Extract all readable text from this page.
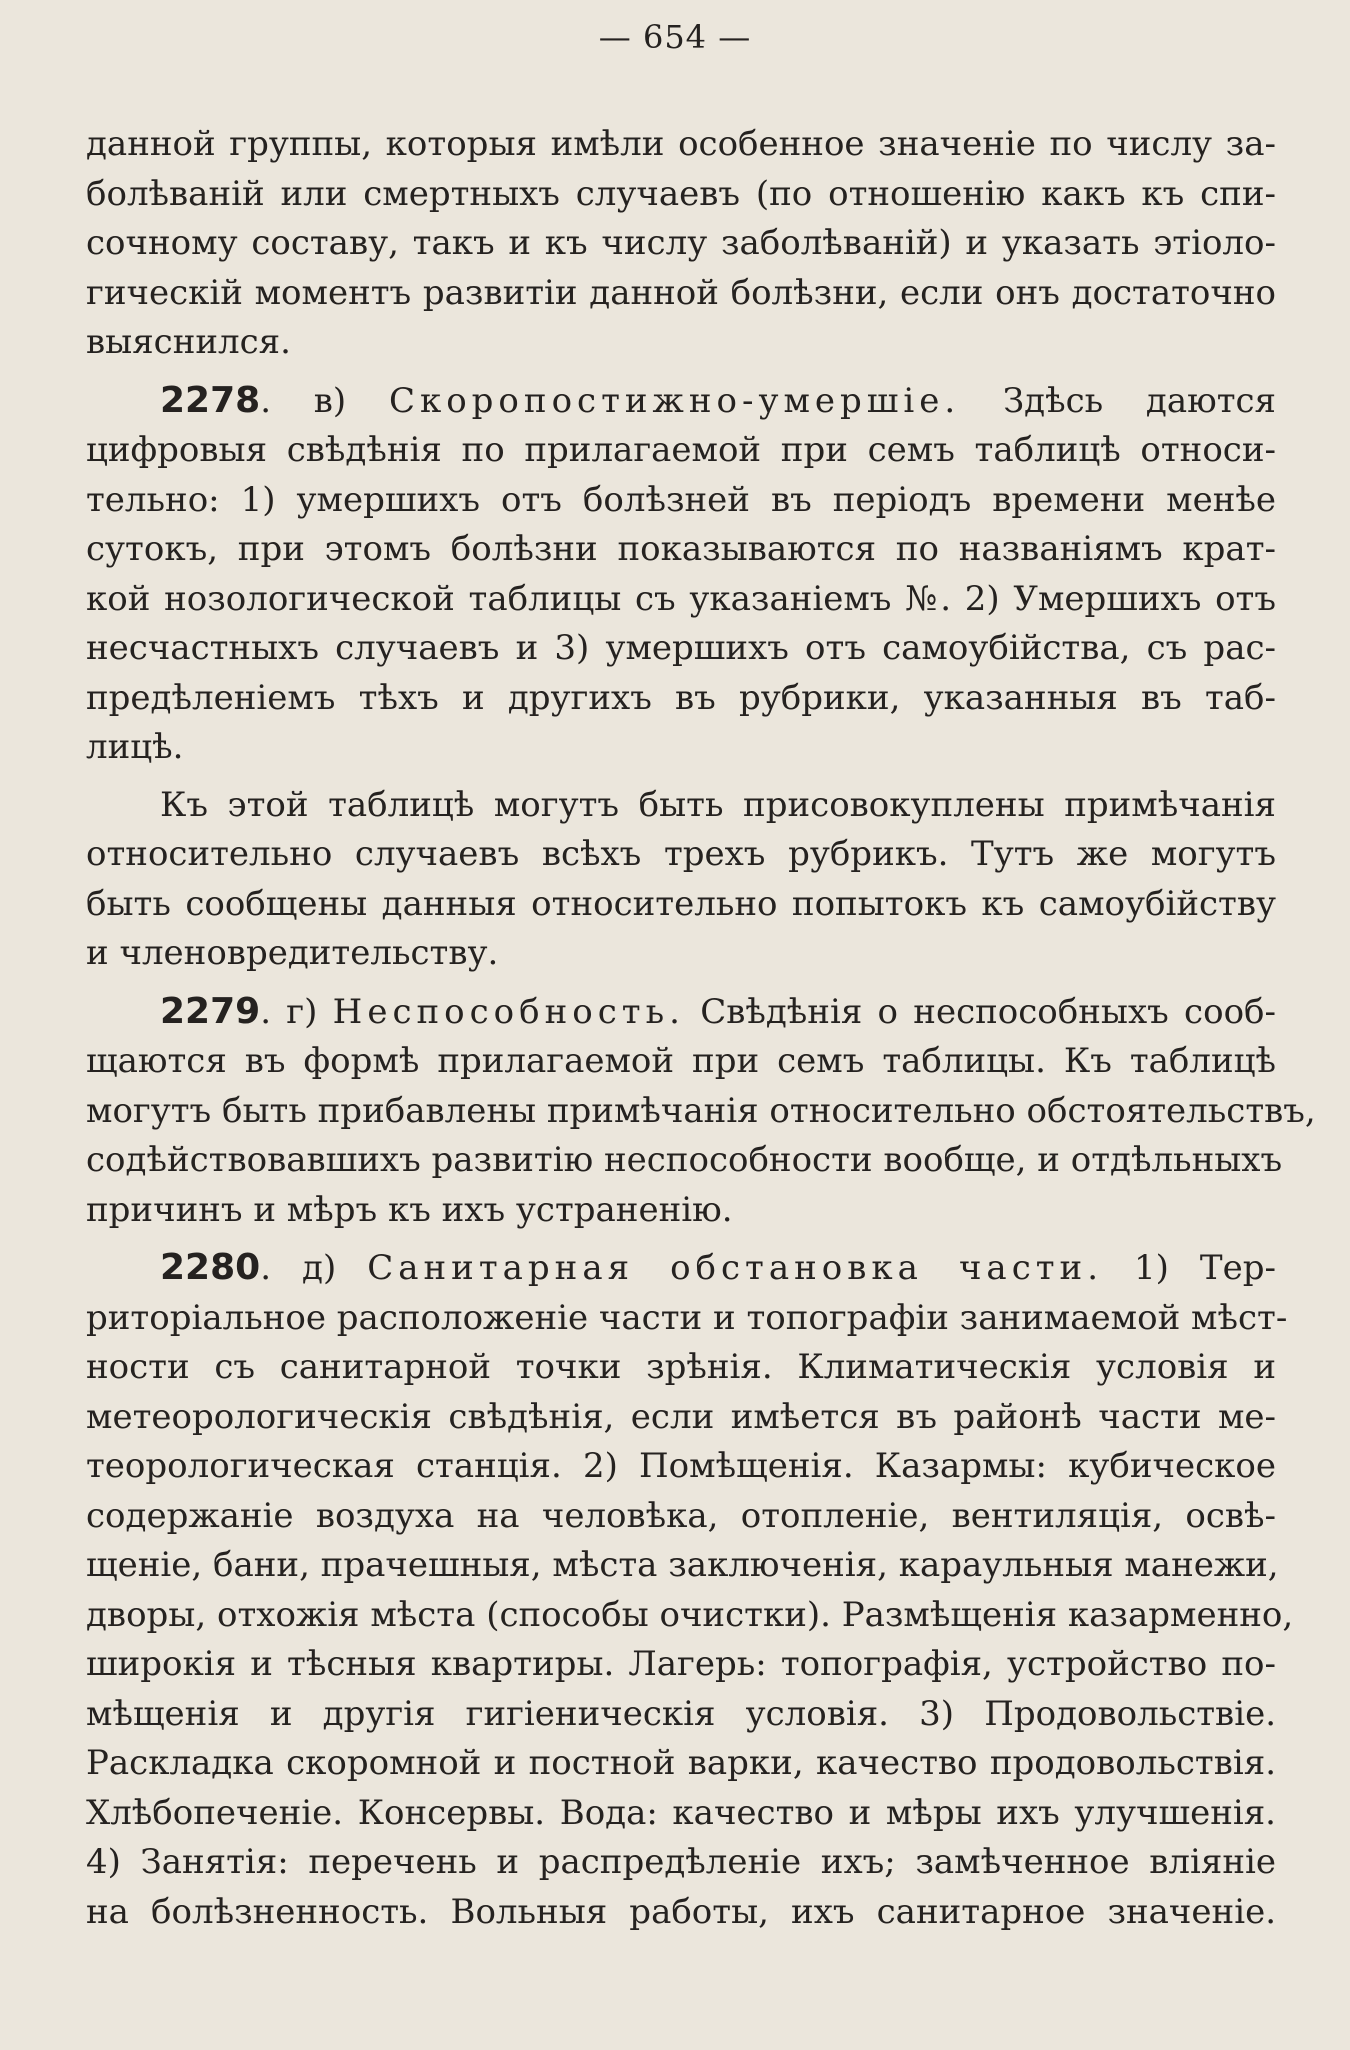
— 654 —
данной группы, которыя имѣли особенное значенie по числу за-
болѣванiй или смертныхъ случаевъ (по отношенiю какъ къ спи-
сочному составу, такъ и къ числу заболѣванiй) и указать этiоло-
гическiй моментъ развитiи данной болѣзни, если онъ достаточно
выяснился.
2278. в) Скоропостижно-умершiе. Здѣсь даются
цифровыя свѣдѣнiя по прилагаемой при семъ таблицѣ относи-
тельно: 1) умершихъ отъ болѣзней въ перiодъ времени менѣе
сутокъ, при этомъ болѣзни показываются по названiямъ крат-
кой нозологической таблицы съ указанiемъ №. 2) Умершихъ отъ
несчастныхъ случаевъ и 3) умершихъ отъ самоубiйства, съ рас-
предѣленiемъ тѣхъ и другихъ въ рубрики, указанныя въ таб-
лицѣ.
Къ этой таблицѣ могутъ быть присовокуплены примѣчанiя
относительно случаевъ всѣхъ трехъ рубрикъ. Тутъ же могутъ
быть сообщены данныя относительно попытокъ къ самоубiйству
и членовредительству.
2279. г) Неспособность. Свѣдѣнiя о неспособныхъ сооб-
щаются въ формѣ прилагаемой при семъ таблицы. Къ таблицѣ
могутъ быть прибавлены примѣчанiя относительно обстоятельствъ,
содѣйствовавшихъ развитiю неспособности вообще, и отдѣльныхъ
причинъ и мѣръ къ ихъ устраненiю.
2280. д) Санитарная обстановка части. 1) Тер-
риторiальное расположенiе части и топографiи занимаемой мѣст-
ности съ санитарной точки зрѣнiя. Климатическiя условiя и
метеорологическiя свѣдѣнiя, если имѣется въ районѣ части ме-
теорологическая станцiя. 2) Помѣщенiя. Казармы: кубическое
содержанiе воздуха на человѣка, отопленiе, вентиляцiя, освѣ-
щенiе, бани, прачешныя, мѣста заключенiя, караульныя манежи,
дворы, отхожiя мѣста (способы очистки). Размѣщенiя казарменно,
широкiя и тѣсныя квартиры. Лагерь: топографiя, устройство по-
мѣщенiя и другiя гигiеническiя условiя. 3) Продовольствiе.
Раскладка скоромной и постной варки, качество продовольствiя.
Хлѣбопеченiе. Консервы. Вода: качество и мѣры ихъ улучшенiя.
4) Занятiя: перечень и распредѣленiе ихъ; замѣченное влiянiе
на болѣзненность. Вольныя работы, ихъ санитарное значенiе.
